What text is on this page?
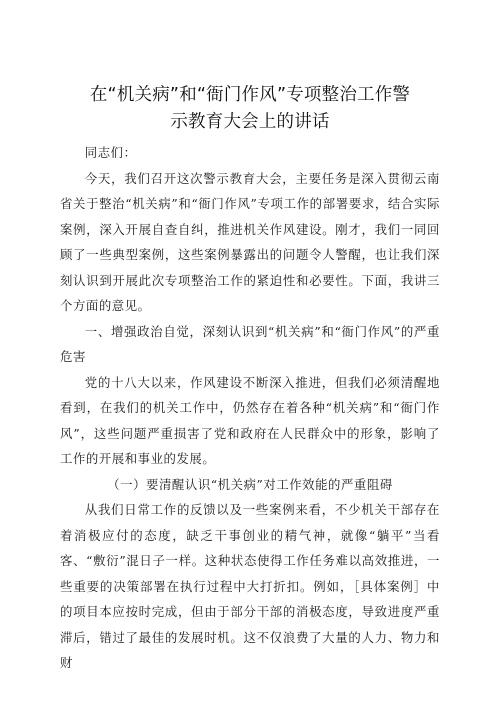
在“机关病”和“衙门作风”专项整治工作警
示教育大会上的讲话

同志们：

今天，我们召开这次警示教育大会，主要任务是深入贯彻云南省关于整治“机关病”和“衙门作风”专项工作的部署要求，结合实际案例，深入开展自查自纠，推进机关作风建设。刚才，我们一同回顾了一些典型案例，这些案例暴露出的问题令人警醒，也让我们深刻认识到开展此次专项整治工作的紧迫性和必要性。下面，我讲三个方面的意见。

一、增强政治自觉，深刻认识到“机关病”和“衙门作风”的严重危害

党的十八大以来，作风建设不断深入推进，但我们必须清醒地看到，在我们的机关工作中，仍然存在着各种“机关病”和“衙门作风”，这些问题严重损害了党和政府在人民群众中的形象，影响了工作的开展和事业的发展。

（一）要清醒认识“机关病”对工作效能的严重阻碍

从我们日常工作的反馈以及一些案例来看，不少机关干部存在着消极应付的态度，缺乏干事创业的精气神，就像“躺平”当看客、“敷衍”混日子一样。这种状态使得工作任务难以高效推进，一些重要的决策部署在执行过程中大打折扣。例如，［具体案例］中的项目本应按时完成，但由于部分干部的消极态度，导致进度严重滞后，错过了最佳的发展时机。这不仅浪费了大量的人力、物力和财
